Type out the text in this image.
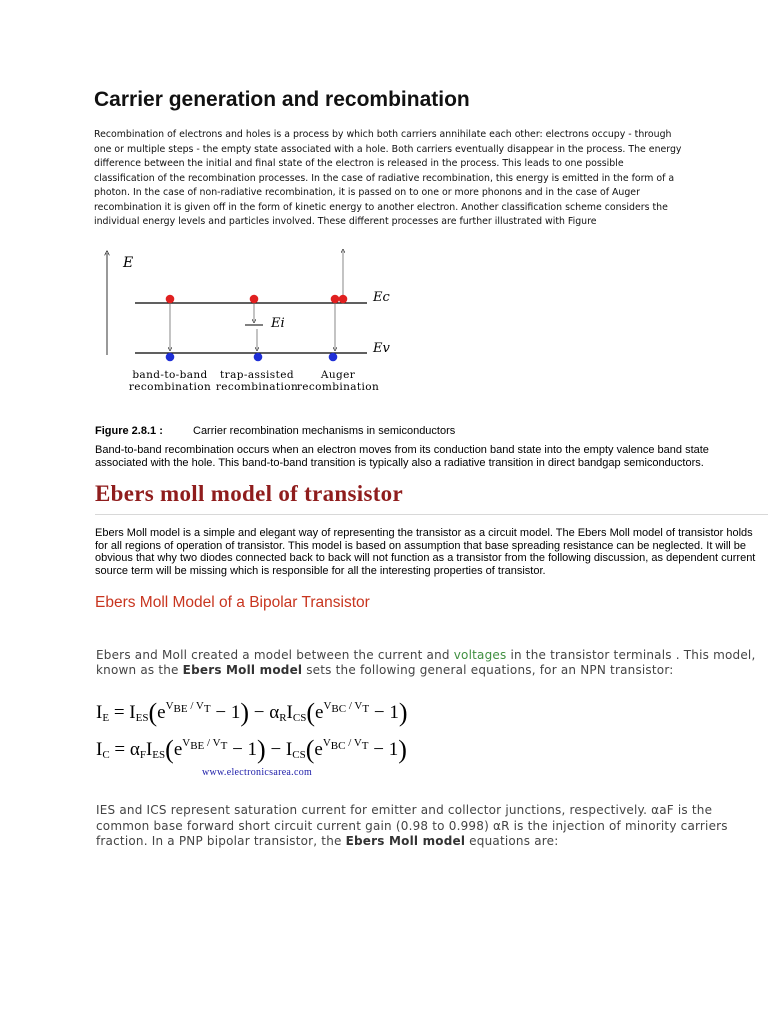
Carrier generation and recombination
Recombination of electrons and holes is a process by which both carriers annihilate each other: electrons occupy - through one or multiple steps - the empty state associated with a hole. Both carriers eventually disappear in the process. The energy difference between the initial and final state of the electron is released in the process. This leads to one possible classification of the recombination processes. In the case of radiative recombination, this energy is emitted in the form of a photon. In the case of non-radiative recombination, it is passed on to one or more phonons and in the case of Auger recombination it is given off in the form of kinetic energy to another electron. Another classification scheme considers the individual energy levels and particles involved. These different processes are further illustrated with Figure
E
Ec
Ev
Ei
band-to-band
recombination
trap-assisted
recombination
Auger
recombination
Figure 2.8.1 :	Carrier recombination mechanisms in semiconductors
Band-to-band recombination occurs when an electron moves from its conduction band state into the empty valence band state associated with the hole. This band-to-band transition is typically also a radiative transition in direct bandgap semiconductors.
Ebers moll model of transistor
Ebers Moll model is a simple and elegant way of representing the transistor as a circuit model. The Ebers Moll model of transistor holds for all regions of operation of transistor. This model is based on assumption that base spreading resistance can be neglected. It will be obvious that why two diodes connected back to back will not function as a transistor from the following discussion, as dependent current source term will be missing which is responsible for all the interesting properties of transistor.
Ebers Moll Model of a Bipolar Transistor
Ebers and Moll created a model between the current and voltages in the transistor terminals . This model, known as the Ebers Moll model sets the following general equations, for an NPN transistor:
$I_E = I_{ES}(e^{V_{BE} / V_T} - 1) - \alpha_RI_{CS}(e^{V_{BC} / V_T} - 1)$
$I_C = \alpha_FI_{ES}(e^{V_{BE} / V_T} - 1) - I_{CS}(e^{V_{BC} / V_T} - 1)$
www.electronicsarea.com
IES and ICS represent saturation current for emitter and collector junctions, respectively. αaF is the common base forward short circuit current gain (0.98 to 0.998) αR is the injection of minority carriers fraction. In a PNP bipolar transistor, the Ebers Moll model equations are:
